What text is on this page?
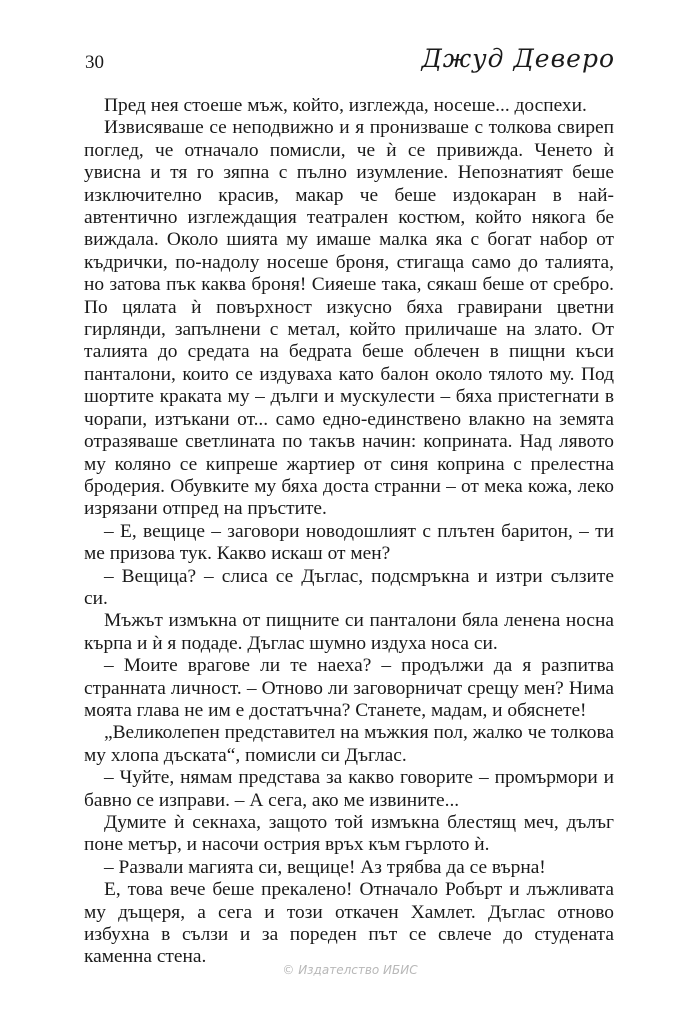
30	Джуд Деверо

Пред нея стоеше мъж, който, изглежда, носеше... доспехи.

Извисяваше се неподвижно и я пронизваше с толкова свиреп поглед, че отначало помисли, че ѝ се привижда. Ченето ѝ увисна и тя го зяпна с пълно изумление. Непознатият беше изключително красив, макар че беше издокаран в най-автентично изглеждащия театрален костюм, който някога бе виждала. Около шията му имаше малка яка с богат набор от къдрички, по-надолу носеше броня, стигаща само до талията, но затова пък каква броня! Сияеше така, сякаш беше от сребро. По цялата ѝ повърхност изкусно бяха гравирани цветни гирлянди, запълнени с метал, който приличаше на злато. От талията до средата на бедрата беше облечен в пищни къси панталони, които се издуваха като балон около тялото му. Под шортите краката му – дълги и мускулести – бяха пристегнати в чорапи, изтъкани от... само едно-единствено влакно на земята отразяваше светлината по такъв начин: коприната. Над лявото му коляно се кипреше жартиер от синя коприна с прелестна бродерия. Обувките му бяха доста странни – от мека кожа, леко изрязани отпред на пръстите.

– Е, вещице – заговори новодошлият с плътен баритон, – ти ме призова тук. Какво искаш от мен?

– Вещица? – слиса се Дъглас, подсмръкна и изтри сълзите си.

Мъжът измъкна от пищните си панталони бяла ленена носна кърпа и ѝ я подаде. Дъглас шумно издуха носа си.

– Моите врагове ли те наеха? – продължи да я разпитва странната личност. – Отново ли заговорничат срещу мен? Нима моята глава не им е достатъчна? Станете, мадам, и обяснете!

„Великолепен представител на мъжкия пол, жалко че толкова му хлопа дъската“, помисли си Дъглас.

– Чуйте, нямам представа за какво говорите – промърмори и бавно се изправи. – А сега, ако ме извините...

Думите ѝ секнаха, защото той измъкна блестящ меч, дълъг поне метър, и насочи острия връх към гърлото ѝ.

– Развали магията си, вещице! Аз трябва да се върна!

Е, това вече беше прекалено! Отначало Робърт и лъжливата му дъщеря, а сега и този откачен Хамлет. Дъглас отново избухна в сълзи и за пореден път се свлече до студената каменна стена.

© Издателство ИБИС
